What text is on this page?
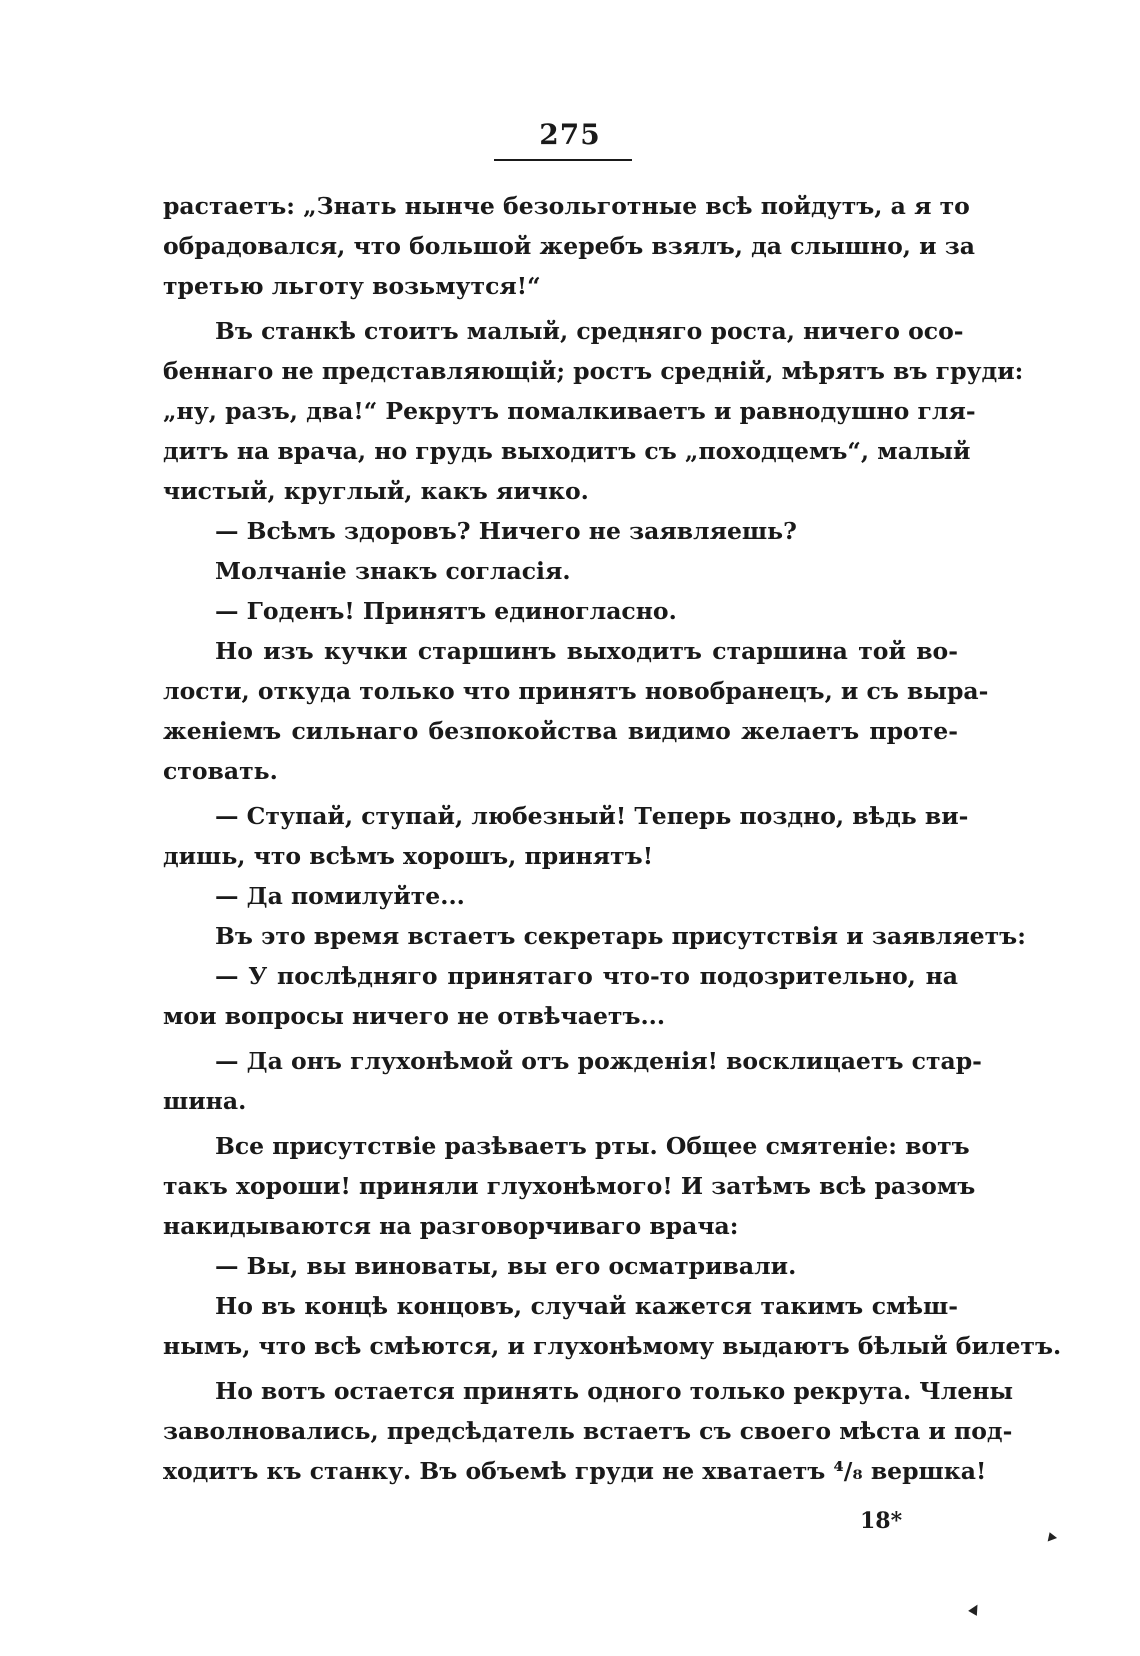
275
растаетъ: „Знать нынче безольготные всѣ пойдутъ, а я то
обрадовался, что большой жеребъ взялъ, да слышно, и за
третью льготу возьмутся!“
Въ станкѣ стоитъ малый, средняго роста, ничего осо-
беннаго не представляющій; ростъ среднiй, мѣрятъ въ груди:
„ну, разъ, два!“ Рекрутъ помалкиваетъ и равнодушно гля-
дитъ на врача, но грудь выходитъ съ „походцемъ“, малый
чистый, круглый, какъ яичко.
— Всѣмъ здоровъ? Ничего не заявляешь?
Молчаніе знакъ согласія.
— Годенъ! Принятъ единогласно.
Но изъ кучки старшинъ выходитъ старшина той во-
лости, откуда только что принятъ новобранецъ, и съ выра-
женіемъ сильнаго безпокойства видимо желаетъ проте-
стовать.
— Ступай, ступай, любезный! Теперь поздно, вѣдь ви-
дишь, что всѣмъ хорошъ, принятъ!
— Да помилуйте...
Въ это время встаетъ секретарь присутствія и заявляетъ:
— У послѣдняго принятаго что-то подозрительно, на
мои вопросы ничего не отвѣчаетъ...
— Да онъ глухонѣмой отъ рожденія! восклицаетъ стар-
шина.
Все присутствіе разѣваетъ рты. Общее смятеніе: вотъ
такъ хороши! приняли глухонѣмого! И затѣмъ всѣ разомъ
накидываются на разговорчиваго врача:
— Вы, вы виноваты, вы его осматривали.
Но въ концѣ концовъ, случай кажется такимъ смѣш-
нымъ, что всѣ смѣются, и глухонѣмому выдаютъ бѣлый билетъ.
Но вотъ остается принять одного только рекрута. Члены
заволновались, предсѣдатель встаетъ съ своего мѣста и под-
ходитъ къ станку. Въ объемѣ груди не хватаетъ ⁴/₈ вершка!
18*
